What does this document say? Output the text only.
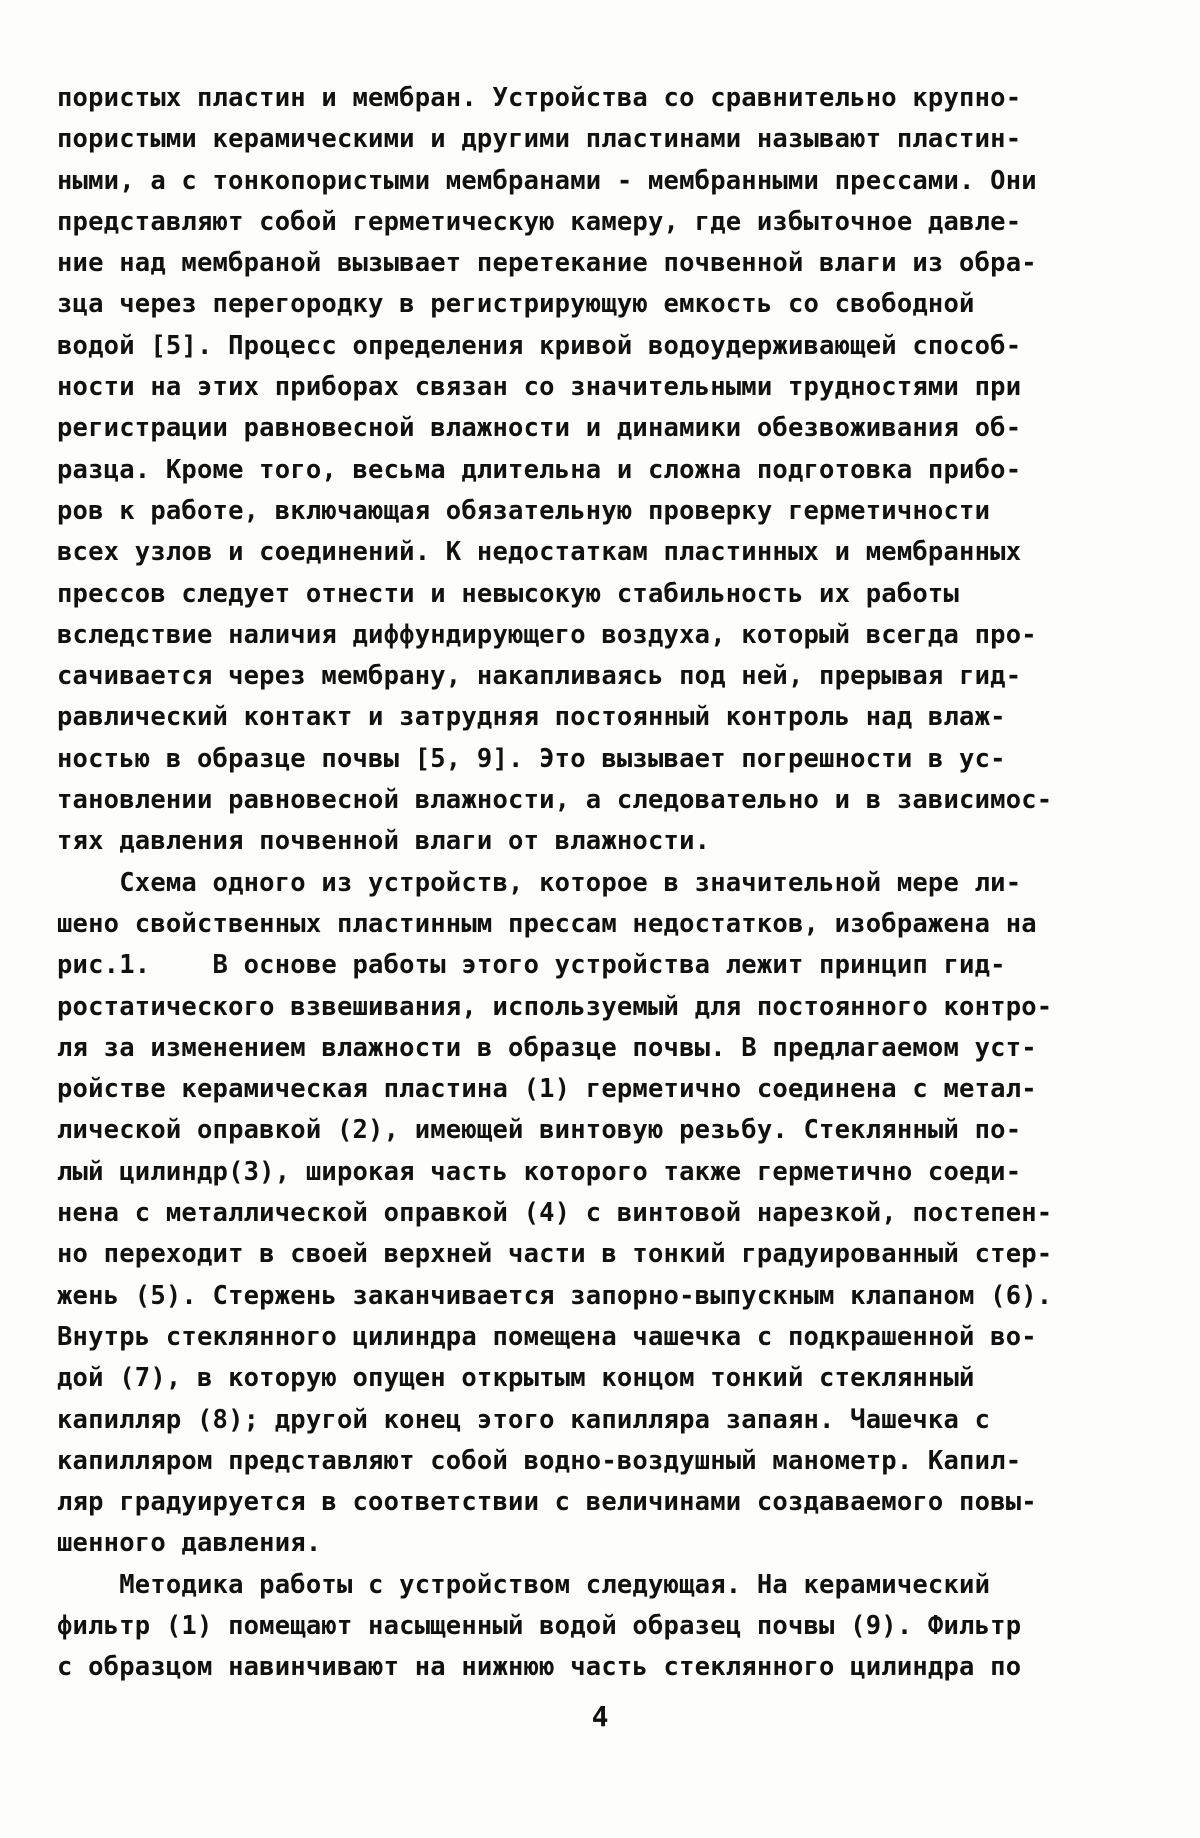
пористых пластин и мембран. Устройства со сравнительно крупно-
пористыми керамическими и другими пластинами называют пластин-
ными, а с тонкопористыми мембранами - мембранными прессами. Они
представляют собой герметическую камеру, где избыточное давле-
ние над мембраной вызывает перетекание почвенной влаги из обра-
зца через перегородку в регистрирующую емкость со свободной
водой [5]. Процесс определения кривой водоудерживающей способ-
ности на этих приборах связан со значительными трудностями при
регистрации равновесной влажности и динамики обезвоживания об-
разца. Кроме того, весьма длительна и сложна подготовка прибо-
ров к работе, включающая обязательную проверку герметичности
всех узлов и соединений. К недостаткам пластинных и мембранных
прессов следует отнести и невысокую стабильность их работы
вследствие наличия диффундирующего воздуха, который всегда про-
сачивается через мембрану, накапливаясь под ней, прерывая гид-
равлический контакт и затрудняя постоянный контроль над влаж-
ностью в образце почвы [5, 9]. Это вызывает погрешности в ус-
тановлении равновесной влажности, а следовательно и в зависимос-
тях давления почвенной влаги от влажности.
Схема одного из устройств, которое в значительной мере ли-
шено свойственных пластинным прессам недостатков, изображена на
рис.1.    В основе работы этого устройства лежит принцип гид-
ростатического взвешивания, используемый для постоянного контро-
ля за изменением влажности в образце почвы. В предлагаемом уст-
ройстве керамическая пластина (1) герметично соединена с метал-
лической оправкой (2), имеющей винтовую резьбу. Стеклянный по-
лый цилиндр(3), широкая часть которого также герметично соеди-
нена с металлической оправкой (4) с винтовой нарезкой, постепен-
но переходит в своей верхней части в тонкий градуированный стер-
жень (5). Стержень заканчивается запорно-выпускным клапаном (6).
Внутрь стеклянного цилиндра помещена чашечка с подкрашенной во-
дой (7), в которую опущен открытым концом тонкий стеклянный
капилляр (8); другой конец этого капилляра запаян. Чашечка с
капилляром представляют собой водно-воздушный манометр. Капил-
ляр градуируется в соответствии с величинами создаваемого повы-
шенного давления.
Методика работы с устройством следующая. На керамический
фильтр (1) помещают насыщенный водой образец почвы (9). Фильтр
с образцом навинчивают на нижнюю часть стеклянного цилиндра по
4
